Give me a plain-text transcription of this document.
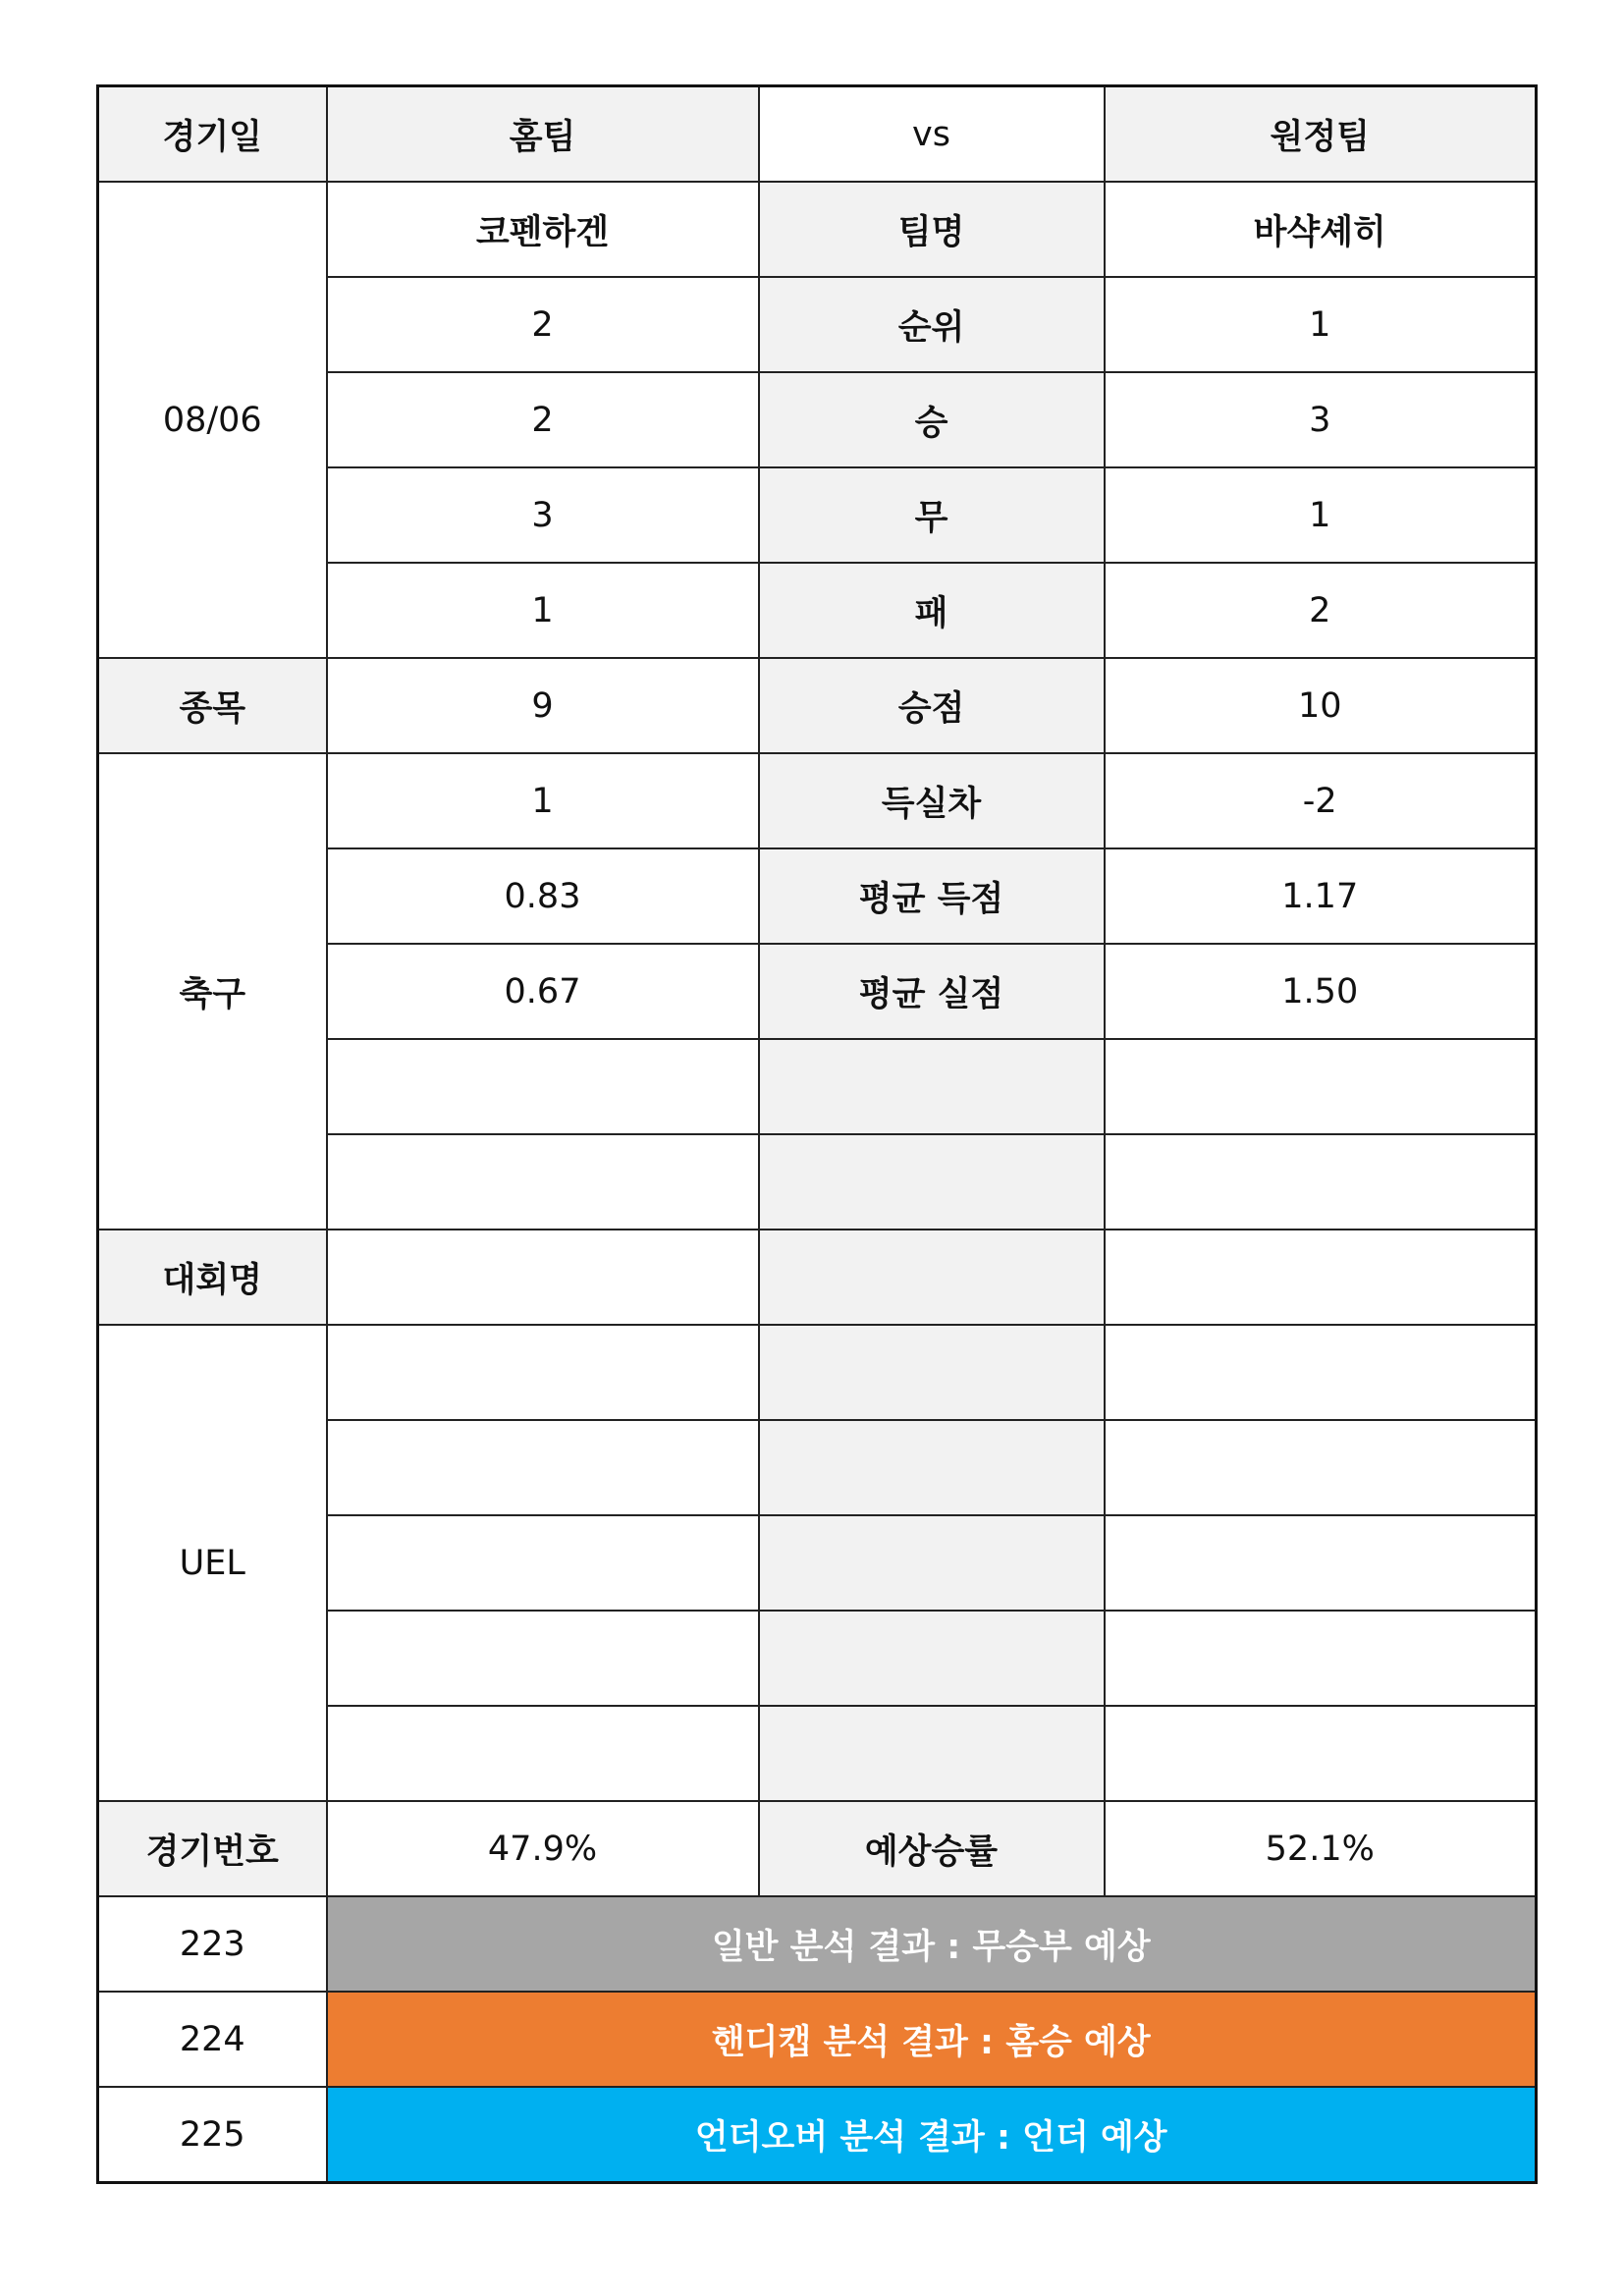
경기일	홈팀	vs	원정팀
08/06	코펜하겐	팀명	바샥셰히
	2	순위	1
	2	승	3
	3	무	1
	1	패	2
종목	9	승점	10
축구	1	득실차	-2
	0.83	평균 득점	1.17
	0.67	평균 실점	1.50

대회명			
UEL			

경기번호	47.9%	예상승률	52.1%
223	일반 분석 결과 : 무승부 예상		
224	핸디캡 분석 결과 : 홈승 예상		
225	언더오버 분석 결과 : 언더 예상		
